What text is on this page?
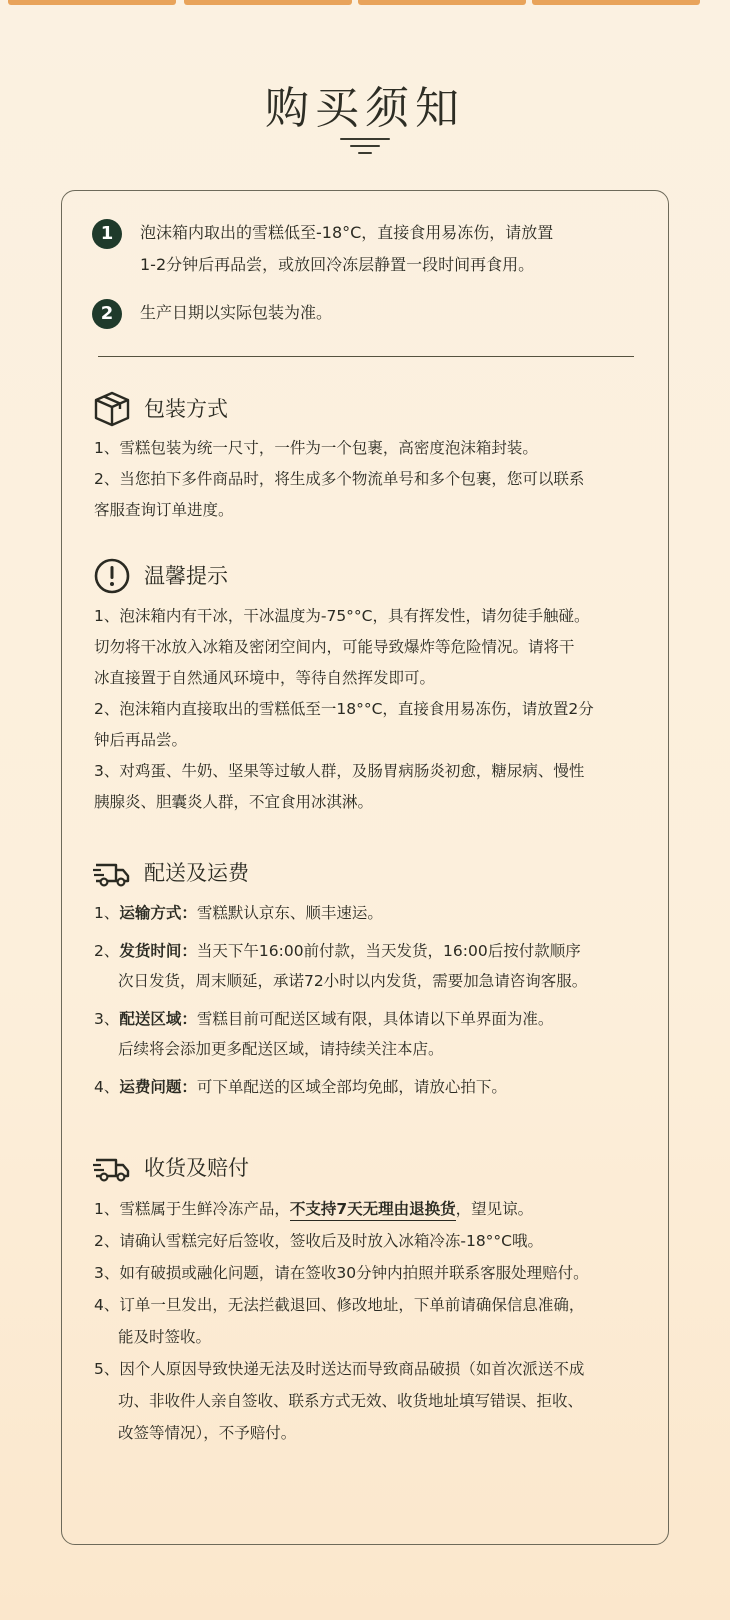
购买须知
1	泡沫箱内取出的雪糕低至-18°C，直接食用易冻伤，请放置
1-2分钟后再品尝，或放回冷冻层静置一段时间再食用。
2	生产日期以实际包装为准。
包装方式
1、雪糕包装为统一尺寸，一件为一个包裹，高密度泡沫箱封装。
2、当您拍下多件商品时，将生成多个物流单号和多个包裹，您可以联系
客服查询订单进度。
温馨提示
1、泡沫箱内有干冰，干冰温度为-75°°C，具有挥发性，请勿徒手触碰。
切勿将干冰放入冰箱及密闭空间内，可能导致爆炸等危险情况。请将干
冰直接置于自然通风环境中，等待自然挥发即可。
2、泡沫箱内直接取出的雪糕低至一18°°C，直接食用易冻伤，请放置2分
钟后再品尝。
3、对鸡蛋、牛奶、坚果等过敏人群，及肠胃病肠炎初愈，糖尿病、慢性
胰腺炎、胆囊炎人群，不宜食用冰淇淋。
配送及运费
1、运输方式：雪糕默认京东、顺丰速运。
2、发货时间：当天下午16:00前付款，当天发货，16:00后按付款顺序
次日发货，周末顺延，承诺72小时以内发货，需要加急请咨询客服。
3、配送区域：雪糕目前可配送区域有限，具体请以下单界面为准。
后续将会添加更多配送区域，请持续关注本店。
4、运费问题：可下单配送的区域全部均免邮，请放心拍下。
收货及赔付
1、雪糕属于生鲜冷冻产品，不支持7天无理由退换货，望见谅。
2、请确认雪糕完好后签收，签收后及时放入冰箱冷冻-18°°C哦。
3、如有破损或融化问题，请在签收30分钟内拍照并联系客服处理赔付。
4、订单一旦发出，无法拦截退回、修改地址，下单前请确保信息准确，
能及时签收。
5、因个人原因导致快递无法及时送达而导致商品破损（如首次派送不成
功、非收件人亲自签收、联系方式无效、收货地址填写错误、拒收、
改签等情况），不予赔付。
